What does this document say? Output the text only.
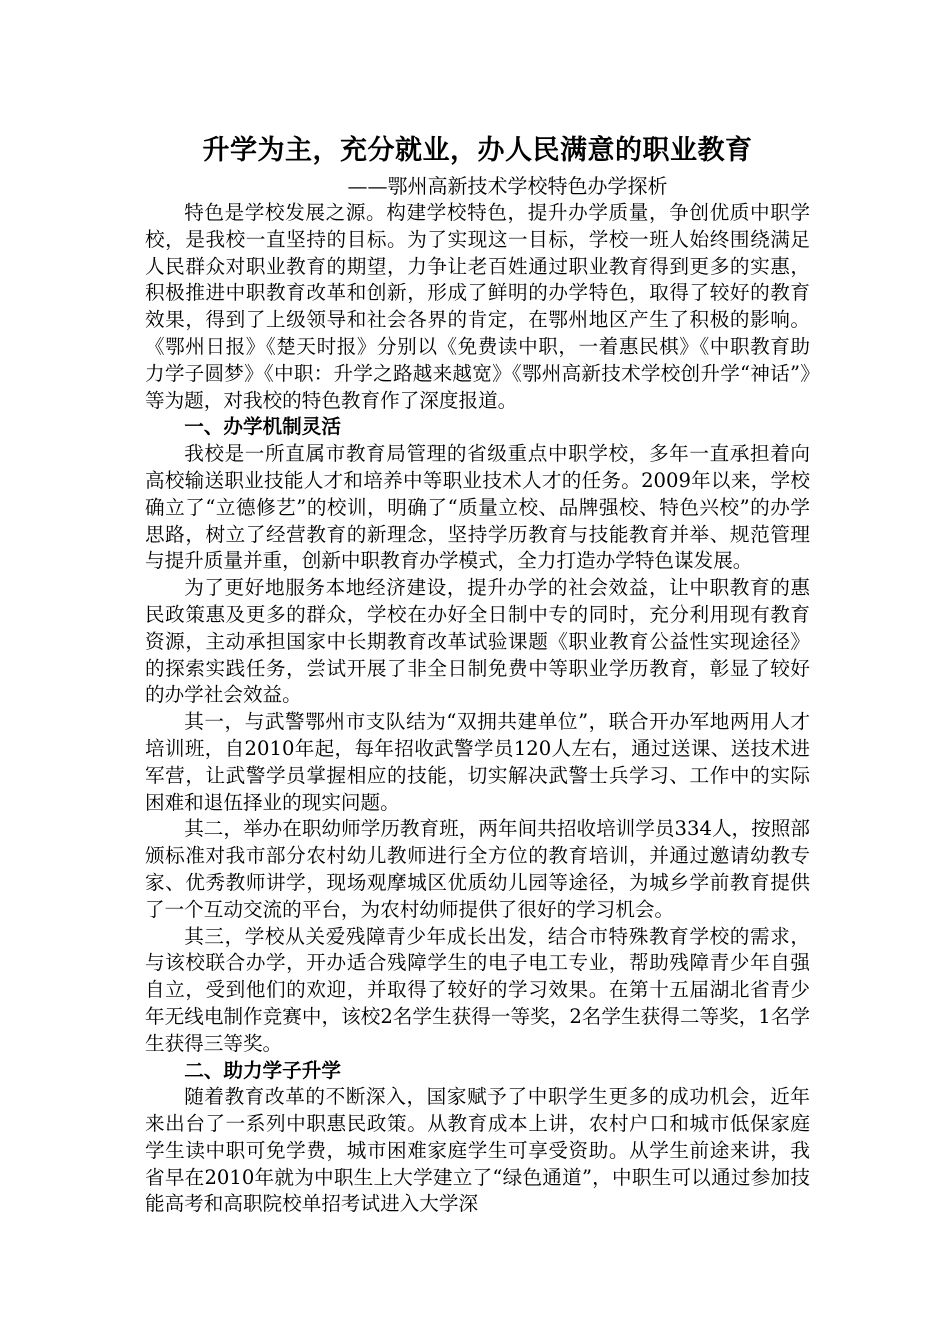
升学为主，充分就业，办人民满意的职业教育

——鄂州高新技术学校特色办学探析

特色是学校发展之源。构建学校特色，提升办学质量，争创优质中职学校，是我校一直坚持的目标。为了实现这一目标，学校一班人始终围绕满足人民群众对职业教育的期望，力争让老百姓通过职业教育得到更多的实惠，积极推进中职教育改革和创新，形成了鲜明的办学特色，取得了较好的教育效果，得到了上级领导和社会各界的肯定，在鄂州地区产生了积极的影响。《鄂州日报》《楚天时报》分别以《免费读中职，一着惠民棋》《中职教育助力学子圆梦》《中职：升学之路越来越宽》《鄂州高新技术学校创升学“神话”》等为题，对我校的特色教育作了深度报道。

一、办学机制灵活

我校是一所直属市教育局管理的省级重点中职学校，多年一直承担着向高校输送职业技能人才和培养中等职业技术人才的任务。2009年以来，学校确立了“立德修艺”的校训，明确了“质量立校、品牌强校、特色兴校”的办学思路，树立了经营教育的新理念，坚持学历教育与技能教育并举、规范管理与提升质量并重，创新中职教育办学模式，全力打造办学特色谋发展。

为了更好地服务本地经济建设，提升办学的社会效益，让中职教育的惠民政策惠及更多的群众，学校在办好全日制中专的同时，充分利用现有教育资源，主动承担国家中长期教育改革试验课题《职业教育公益性实现途径》的探索实践任务，尝试开展了非全日制免费中等职业学历教育，彰显了较好的办学社会效益。

其一，与武警鄂州市支队结为“双拥共建单位”，联合开办军地两用人才培训班，自2010年起，每年招收武警学员120人左右，通过送课、送技术进军营，让武警学员掌握相应的技能，切实解决武警士兵学习、工作中的实际困难和退伍择业的现实问题。

其二，举办在职幼师学历教育班，两年间共招收培训学员334人，按照部颁标准对我市部分农村幼儿教师进行全方位的教育培训，并通过邀请幼教专家、优秀教师讲学，现场观摩城区优质幼儿园等途径，为城乡学前教育提供了一个互动交流的平台，为农村幼师提供了很好的学习机会。

其三，学校从关爱残障青少年成长出发，结合市特殊教育学校的需求，与该校联合办学，开办适合残障学生的电子电工专业，帮助残障青少年自强自立，受到他们的欢迎，并取得了较好的学习效果。在第十五届湖北省青少年无线电制作竞赛中，该校2名学生获得一等奖，2名学生获得二等奖，1名学生获得三等奖。

二、助力学子升学

随着教育改革的不断深入，国家赋予了中职学生更多的成功机会，近年来出台了一系列中职惠民政策。从教育成本上讲，农村户口和城市低保家庭学生读中职可免学费，城市困难家庭学生可享受资助。从学生前途来讲，我省早在2010年就为中职生上大学建立了“绿色通道”，中职生可以通过参加技能高考和高职院校单招考试进入大学深
